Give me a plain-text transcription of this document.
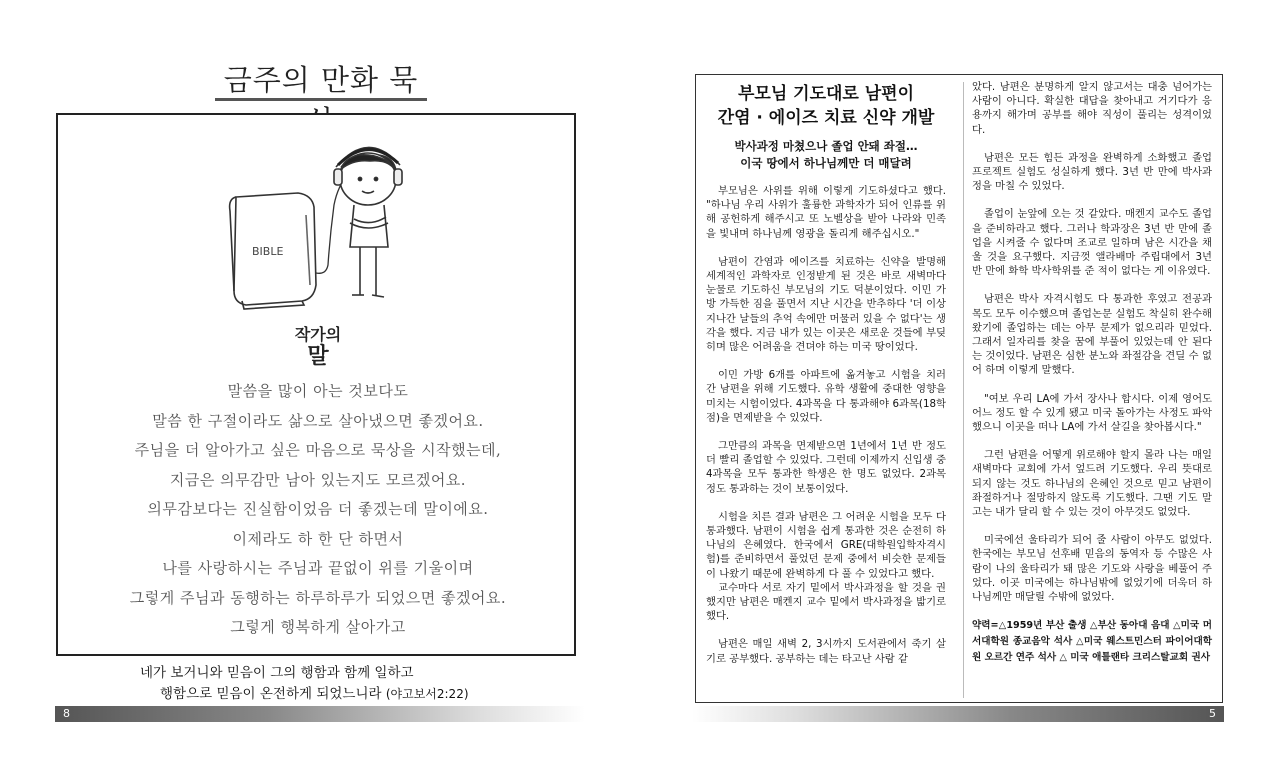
금주의 만화 묵
BIBLE
작가의
말
말씀을 많이 아는 것보다도
말씀 한 구절이라도 삶으로 살아냈으면 좋겠어요.
주님을 더 알아가고 싶은 마음으로 묵상을 시작했는데,
지금은 의무감만 남아 있는지도 모르겠어요.
의무감보다는 진실함이었음 더 좋겠는데 말이에요.
이제라도 하 한 단 하면서
나를 사랑하시는 주님과 끝없이 위를 기울이며
그렇게 주님과 동행하는 하루하루가 되었으면 좋겠어요.
그렇게 행복하게 살아가고
네가 보거니와 믿음이 그의 행함과 함께 일하고
행함으로 믿음이 온전하게 되었느니라 (야고보서2:22)
8
부모님 기도대로 남편이
간염 · 에이즈 치료 신약 개발
박사과정 마쳤으나 졸업 안돼 좌절…
이국 땅에서 하나님께만 더 매달려

부모님은 사위를 위해 이렇게 기도하셨다고 했다. "하나님 우리 사위가 훌륭한 과학자가 되어 인류를 위해 공헌하게 해주시고 또 노벨상을 받아 나라와 민족을 빛내며 하나님께 영광을 돌리게 해주십시오."

남편이 간염과 에이즈를 치료하는 신약을 발명해 세계적인 과학자로 인정받게 된 것은 바로 새벽마다 눈물로 기도하신 부모님의 기도 덕분이었다. 이민 가방 가득한 짐을 풀면서 지난 시간을 반추하다 '더 이상 지나간 날들의 추억 속에만 머물러 있을 수 없다'는 생각을 했다. 지금 내가 있는 이곳은 새로운 것들에 부딪히며 많은 어려움을 견뎌야 하는 미국 땅이었다.

이민 가방 6개를 아파트에 옮겨놓고 시험을 치러 간 남편을 위해 기도했다. 유학 생활에 중대한 영향을 미치는 시험이었다. 4과목을 다 통과해야 6과목(18학점)을 면제받을 수 있었다.

그만큼의 과목을 면제받으면 1년에서 1년 반 정도 더 빨리 졸업할 수 있었다. 그런데 이제까지 신입생 중 4과목을 모두 통과한 학생은 한 명도 없었다. 2과목 정도 통과하는 것이 보통이었다.

시험을 치른 결과 남편은 그 어려운 시험을 모두 다 통과했다. 남편이 시험을 쉽게 통과한 것은 순전히 하나님의 은혜였다. 한국에서 GRE(대학원입학자격시험)를 준비하면서 풀었던 문제 중에서 비슷한 문제들이 나왔기 때문에 완벽하게 다 풀 수 있었다고 했다.

교수마다 서로 자기 밑에서 박사과정을 할 것을 권했지만 남편은 매켄지 교수 밑에서 박사과정을 밟기로 했다.

남편은 매일 새벽 2, 3시까지 도서관에서 죽기 살기로 공부했다. 공부하는 데는 타고난 사람 같

았다. 남편은 분명하게 알지 않고서는 대충 넘어가는 사람이 아니다. 확실한 대답을 찾아내고 거기다가 응용까지 해가며 공부를 해야 직성이 풀리는 성격이었다.

남편은 모든 힘든 과정을 완벽하게 소화했고 졸업 프로젝트 실험도 성실하게 했다. 3년 반 만에 박사과정을 마칠 수 있었다.

졸업이 눈앞에 오는 것 같았다. 매켄지 교수도 졸업을 준비하라고 했다. 그러나 학과장은 3년 반 만에 졸업을 시켜줄 수 없다며 조교로 일하며 남은 시간을 채울 것을 요구했다. 지금껏 앨라배마 주립대에서 3년 반 만에 화학 박사학위를 준 적이 없다는 게 이유였다.

남편은 박사 자격시험도 다 통과한 후였고 전공과목도 모두 이수했으며 졸업논문 실험도 착실히 완수해 왔기에 졸업하는 데는 아무 문제가 없으리라 믿었다. 그래서 일자리를 찾을 꿈에 부풀어 있었는데 안 된다는 것이었다. 남편은 심한 분노와 좌절감을 견딜 수 없어 하며 이렇게 말했다.

"여보 우리 LA에 가서 장사나 합시다. 이제 영어도 어느 정도 할 수 있게 됐고 미국 돌아가는 사정도 파악했으니 이곳을 떠나 LA에 가서 살길을 찾아봅시다."

그런 남편을 어떻게 위로해야 할지 몰라 나는 매일 새벽마다 교회에 가서 엎드려 기도했다. 우리 뜻대로 되지 않는 것도 하나님의 은혜인 것으로 믿고 남편이 좌절하거나 절망하지 않도록 기도했다. 그땐 기도 말고는 내가 달리 할 수 있는 것이 아무것도 없었다.

미국에선 울타리가 되어 줄 사람이 아무도 없었다. 한국에는 부모님 선후배 믿음의 동역자 등 수많은 사람이 나의 울타리가 돼 많은 기도와 사랑을 베풀어 주었다. 이곳 미국에는 하나님밖에 없었기에 더욱더 하나님께만 매달릴 수밖에 없었다.

약력=△1959년 부산 출생 △부산 동아대 음대 △미국 머서대학원 종교음악 석사 △미국 웨스트민스터 파이어대학원 오르간 연주 석사 △ 미국 애틀랜타 크리스탈교회 권사
5
